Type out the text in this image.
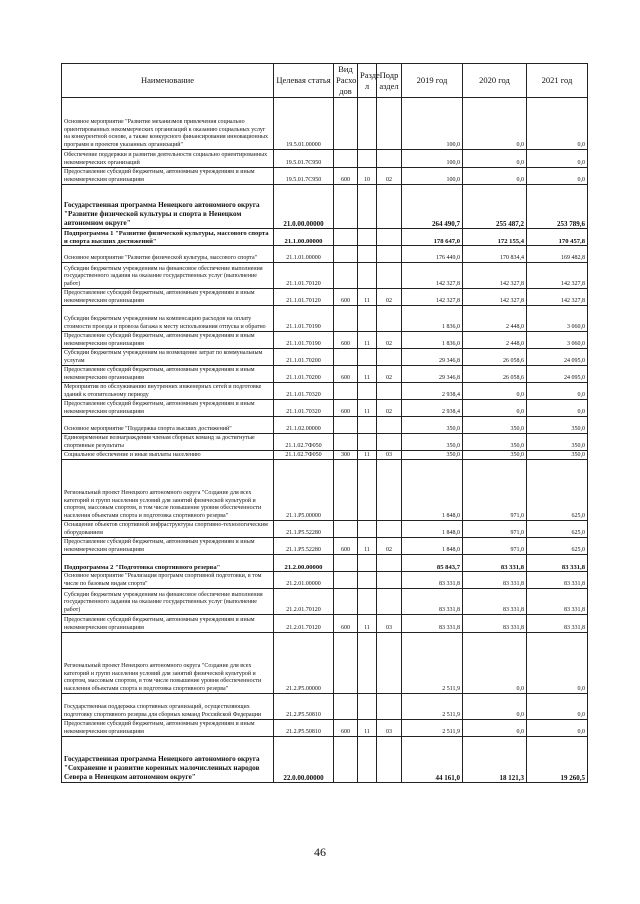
Наименование	Целевая статья	Вид Расхо дов	Разде л	Подр аздел	2019 год	2020 год	2021 год
Основное мероприятие "Развитие механизмов привлечения социально ориентированных некоммерческих организаций к оказанию социальных услуг на конкурентной основе, а также конкурсного финансирования инновационных программ и проектов указанных организаций"	19.5.01.00000				100,0	0,0	0,0
Обеспечение поддержки и развития деятельности социально ориентированных некоммерческих организаций	19.5.01.7С950				100,0	0,0	0,0
Предоставление субсидий бюджетным, автономным учреждениям и иным некоммерческим организациям	19.5.01.7С950	600	10	02	100,0	0,0	0,0
Государственная программа Ненецкого автономного округа "Развитие физической культуры и спорта в Ненецком автономном округе"	21.0.00.00000				264 490,7	255 487,2	253 789,6
Подпрограмма 1 "Развитие физической культуры, массового спорта и спорта высших достижений"	21.1.00.00000				178 647,0	172 155,4	170 457,8
Основное мероприятие "Развитие физической культуры, массового спорта"	21.1.01.00000				176 449,0	170 834,4	169 482,8
Субсидии бюджетным учреждениям на финансовое обеспечение выполнения государственного задания на оказание государственных услуг (выполнение работ)	21.1.01.70120				142 327,8	142 327,8	142 327,8
Предоставление субсидий бюджетным, автономным учреждениям и иным некоммерческим организациям	21.1.01.70120	600	11	02	142 327,8	142 327,8	142 327,8
Субсидии бюджетным учреждениям на компенсацию расходов на оплату стоимости проезда и провоза багажа к месту использования отпуска и обратно	21.1.01.70190				1 836,0	2 448,0	3 060,0
Предоставление субсидий бюджетным, автономным учреждениям и иным некоммерческим организациям	21.1.01.70190	600	11	02	1 836,0	2 448,0	3 060,0
Субсидии бюджетным учреждениям на возмещение затрат по коммунальным услугам	21.1.01.70200				29 346,8	26 058,6	24 095,0
Предоставление субсидий бюджетным, автономным учреждениям и иным некоммерческим организациям	21.1.01.70200	600	11	02	29 346,8	26 058,6	24 095,0
Мероприятия по обслуживанию внутренних инженерных сетей и подготовке зданий к отопительному периоду	21.1.01.70320				2 938,4	0,0	0,0
Предоставление субсидий бюджетным, автономным учреждениям и иным некоммерческим организациям	21.1.01.70320	600	11	02	2 938,4	0,0	0,0
Основное мероприятие "Поддержка спорта высших достижений"	21.1.02.00000				350,0	350,0	350,0
Единовременные вознаграждения членам сборных команд за достигнутые спортивные результаты	21.1.02.7Ф050				350,0	350,0	350,0
Социальное обеспечение и иные выплаты населению	21.1.02.7Ф050	300	11	03	350,0	350,0	350,0
Региональный проект Ненецкого автономного округа "Создание для всех категорий и групп населения условий для занятий физической культурой и спортом, массовым спортом, в том числе повышение уровня обеспеченности населения объектами спорта и подготовка спортивного резерва"	21.1.Р5.00000				1 848,0	971,0	625,0
Оснащение объектов спортивной инфраструктуры спортивно-технологическим оборудованием	21.1.Р5.52280				1 848,0	971,0	625,0
Предоставление субсидий бюджетным, автономным учреждениям и иным некоммерческим организациям	21.1.Р5.52280	600	11	02	1 848,0	971,0	625,0
Подпрограмма 2 "Подготовка спортивного резерва"	21.2.00.00000				85 843,7	83 331,8	83 331,8
Основное мероприятие "Реализация программ спортивной подготовки, в том числе по базовым видам спорта"	21.2.01.00000				83 331,8	83 331,8	83 331,8
Субсидии бюджетным учреждениям на финансовое обеспечение выполнения государственного задания на оказание государственных услуг (выполнение работ)	21.2.01.70120				83 331,8	83 331,8	83 331,8
Предоставление субсидий бюджетным, автономным учреждениям и иным некоммерческим организациям	21.2.01.70120	600	11	03	83 331,8	83 331,8	83 331,8
Региональный проект Ненецкого автономного округа "Создание для всех категорий и групп населения условий для занятий физической культурой и спортом, массовым спортом, в том числе повышение уровня обеспеченности населения объектами спорта и подготовка спортивного резерва"	21.2.Р5.00000				2 511,9	0,0	0,0
Государственная поддержка спортивных организаций, осуществляющих подготовку спортивного резерва для сборных команд Российской Федерации	21.2.Р5.50810				2 511,9	0,0	0,0
Предоставление субсидий бюджетным, автономным учреждениям и иным некоммерческим организациям	21.2.Р5.50810	600	11	03	2 511,9	0,0	0,0
Государственная программа Ненецкого автономного округа "Сохранение и развитие коренных малочисленных народов Севера в Ненецком автономном округе"	22.0.00.00000				44 161,0	18 121,3	19 260,5
46
